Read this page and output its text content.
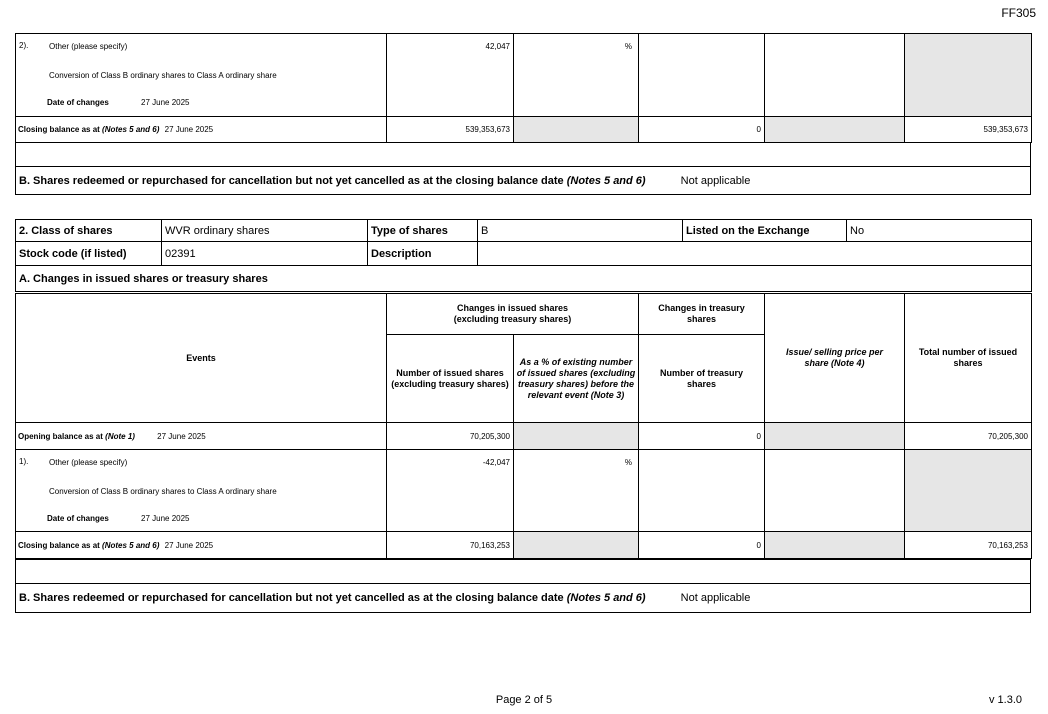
FF305
2). Other (please specify)
Conversion of Class B ordinary shares to Class A ordinary share
Date of changes 27 June 2025	42,047	%			
Closing balance as at (Notes 5 and 6) 27 June 2025	539,353,673		0		539,353,673

B. Shares redeemed or repurchased for cancellation but not yet cancelled as at the closing balance date (Notes 5 and 6)	Not applicable
2. Class of shares	WVR ordinary shares	Type of shares	B	Listed on the Exchange	No
Stock code (if listed)	02391	Description			
A. Changes in issued shares or treasury shares					
Events	Changes in issued shares (excluding treasury shares)		Changes in treasury shares	Issue/ selling price per share (Note 4)	Total number of issued shares
	Number of issued shares (excluding treasury shares)	As a % of existing number of issued shares (excluding treasury shares) before the relevant event (Note 3)	Number of treasury shares		
Opening balance as at (Note 1) 27 June 2025	70,205,300		0		70,205,300

1). Other (please specify)
Conversion of Class B ordinary shares to Class A ordinary share
Date of changes 27 June 2025	-42,047	%			
Closing balance as at (Notes 5 and 6) 27 June 2025	70,163,253		0		70,163,253

B. Shares redeemed or repurchased for cancellation but not yet cancelled as at the closing balance date (Notes 5 and 6)	Not applicable
Page 2 of 5	v 1.3.0
